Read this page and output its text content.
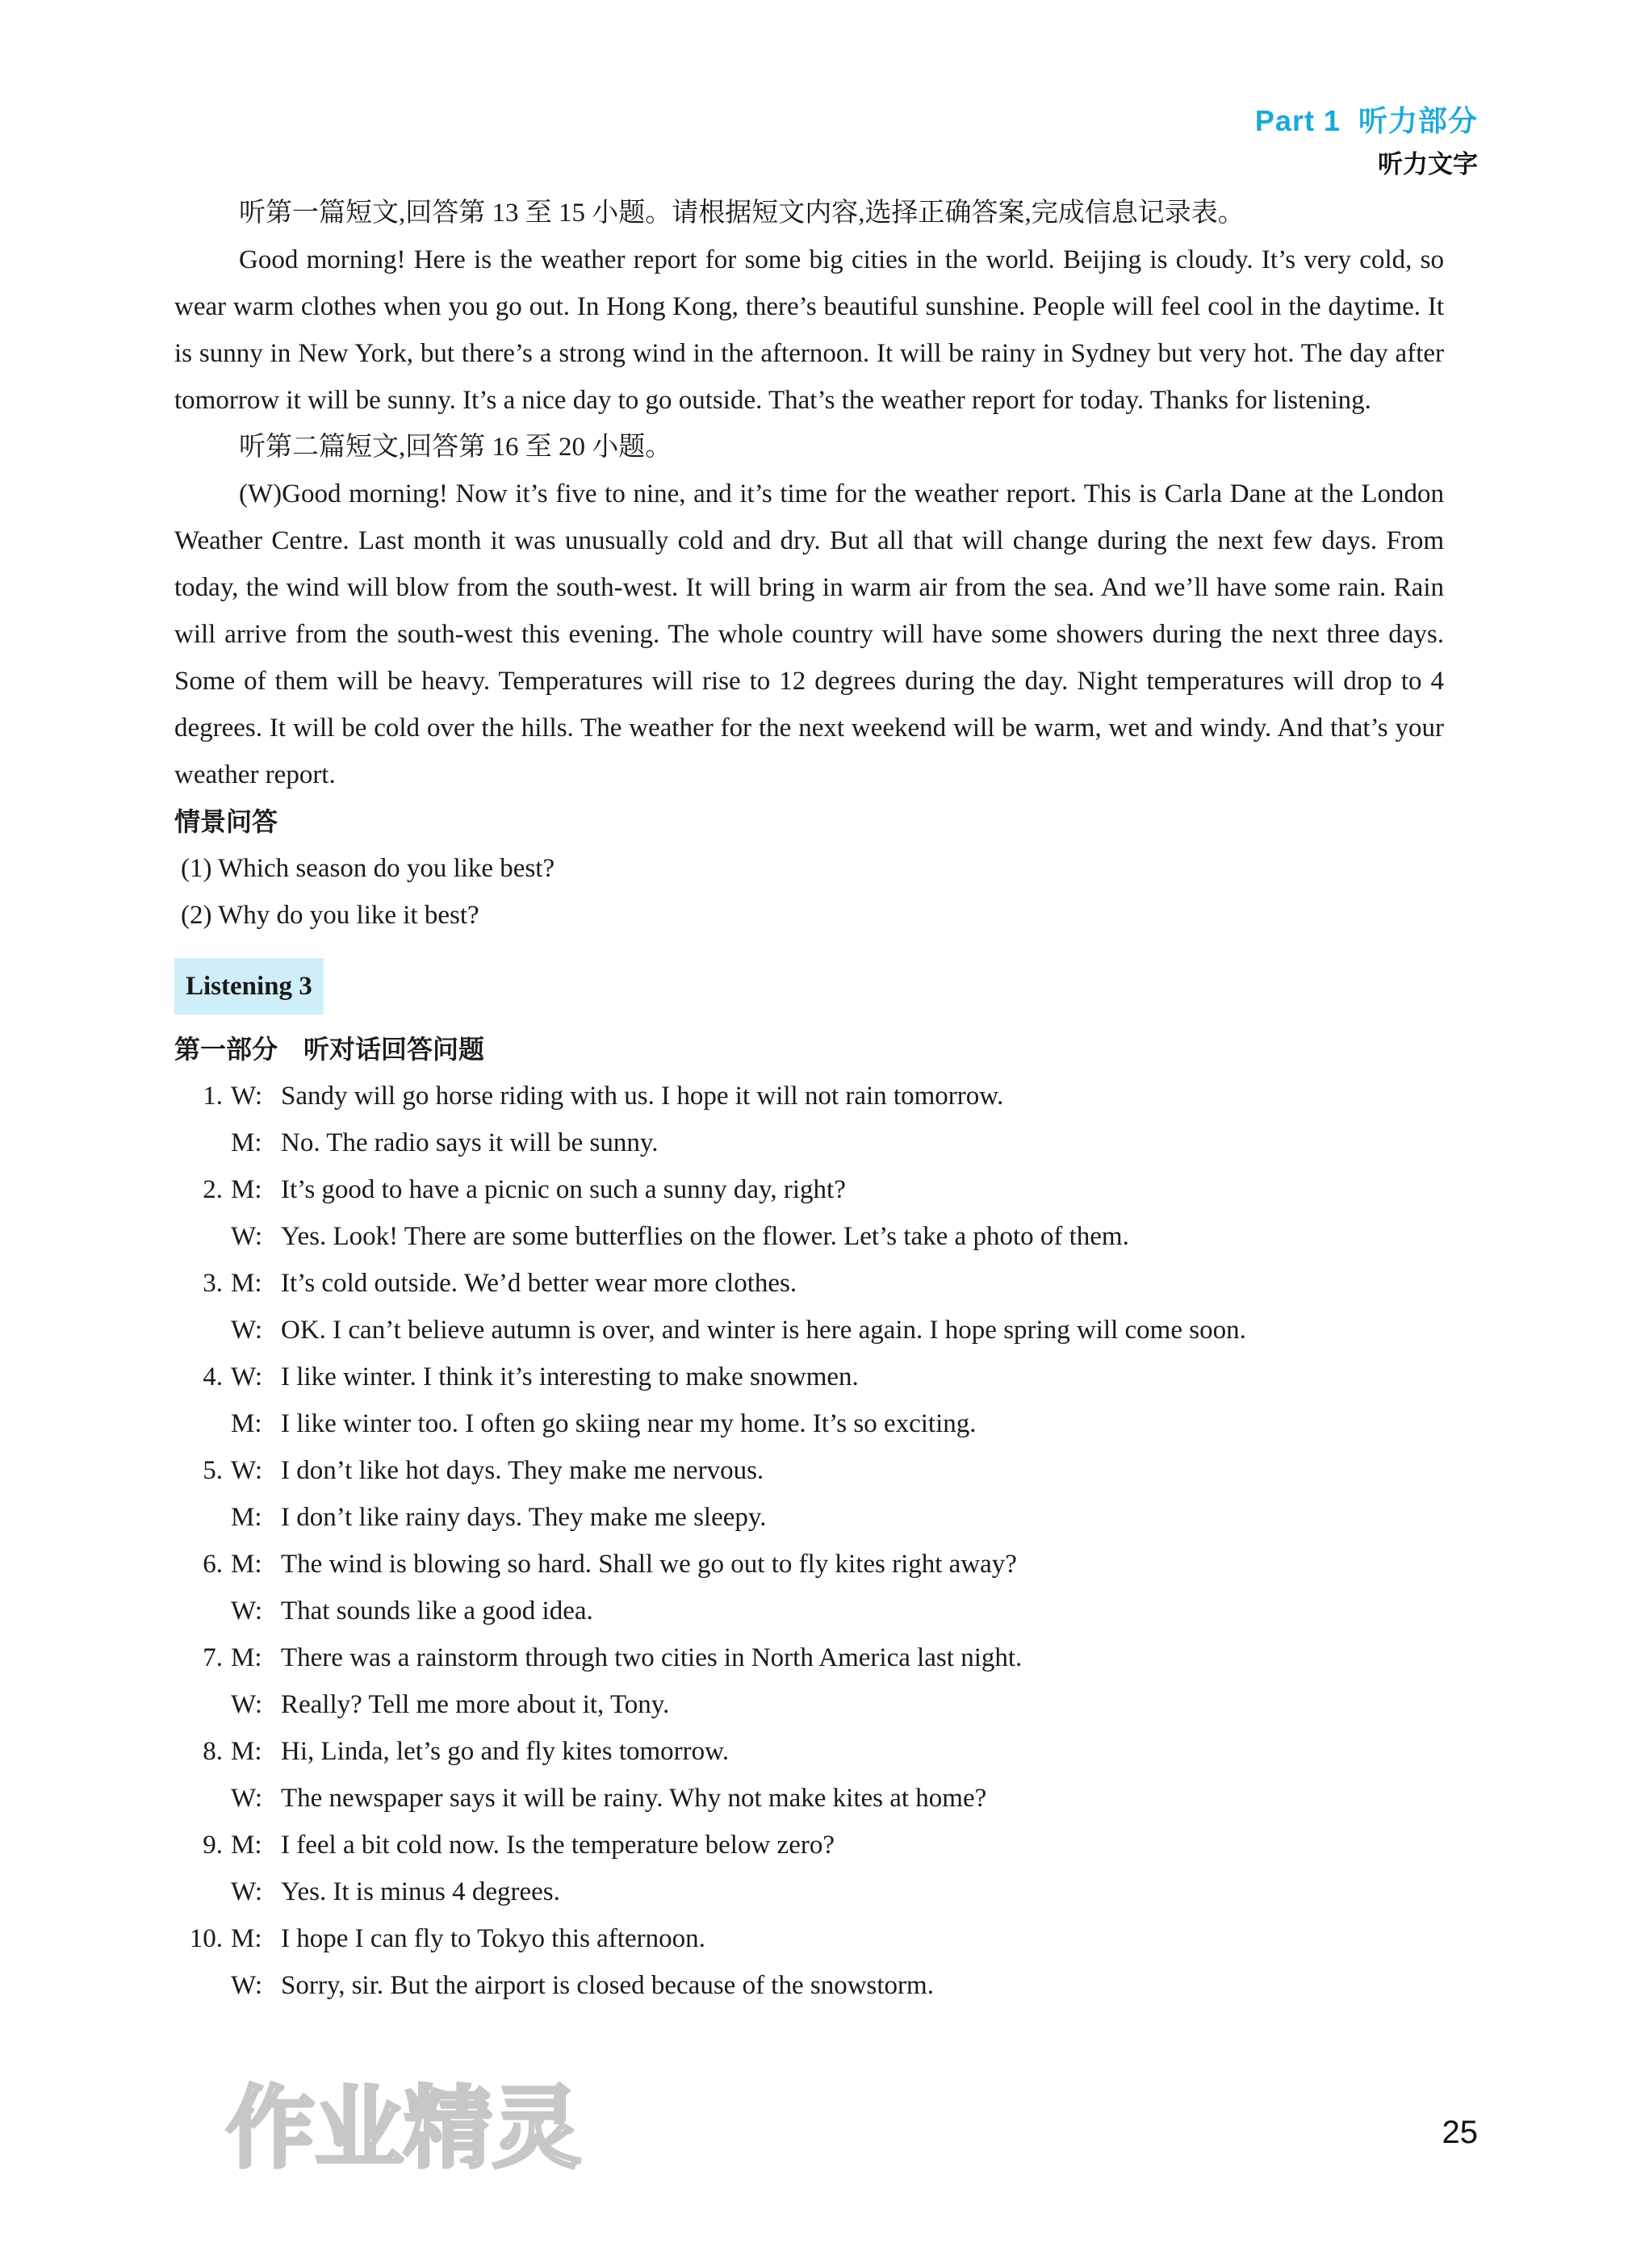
Part 1 听力部分
听力文字

听第一篇短文,回答第 13 至 15 小题。请根据短文内容,选择正确答案,完成信息记录表。

Good morning! Here is the weather report for some big cities in the world. Beijing is cloudy. It’s very cold, so wear warm clothes when you go out. In Hong Kong, there’s beautiful sunshine. People will feel cool in the daytime. It is sunny in New York, but there’s a strong wind in the afternoon. It will be rainy in Sydney but very hot. The day after tomorrow it will be sunny. It’s a nice day to go outside. That’s the weather report for today. Thanks for listening.

听第二篇短文,回答第 16 至 20 小题。

(W)Good morning! Now it’s five to nine, and it’s time for the weather report. This is Carla Dane at the London Weather Centre. Last month it was unusually cold and dry. But all that will change during the next few days. From today, the wind will blow from the south-west. It will bring in warm air from the sea. And we’ll have some rain. Rain will arrive from the south-west this evening. The whole country will have some showers during the next three days. Some of them will be heavy. Temperatures will rise to 12 degrees during the day. Night temperatures will drop to 4 degrees. It will be cold over the hills. The weather for the next weekend will be warm, wet and windy. And that’s your weather report.

情景问答

(1) Which season do you like best?

(2) Why do you like it best?

Listening 3

第一部分　听对话回答问题

1. W: Sandy will go horse riding with us. I hope it will not rain tomorrow.
M: No. The radio says it will be sunny.
2. M: It’s good to have a picnic on such a sunny day, right?
W: Yes. Look! There are some butterflies on the flower. Let’s take a photo of them.
3. M: It’s cold outside. We’d better wear more clothes.
W: OK. I can’t believe autumn is over, and winter is here again. I hope spring will come soon.
4. W: I like winter. I think it’s interesting to make snowmen.
M: I like winter too. I often go skiing near my home. It’s so exciting.
5. W: I don’t like hot days. They make me nervous.
M: I don’t like rainy days. They make me sleepy.
6. M: The wind is blowing so hard. Shall we go out to fly kites right away?
W: That sounds like a good idea.
7. M: There was a rainstorm through two cities in North America last night.
W: Really? Tell me more about it, Tony.
8. M: Hi, Linda, let’s go and fly kites tomorrow.
W: The newspaper says it will be rainy. Why not make kites at home?
9. M: I feel a bit cold now. Is the temperature below zero?
W: Yes. It is minus 4 degrees.
10. M: I hope I can fly to Tokyo this afternoon.
W: Sorry, sir. But the airport is closed because of the snowstorm.
25
作业精灵
